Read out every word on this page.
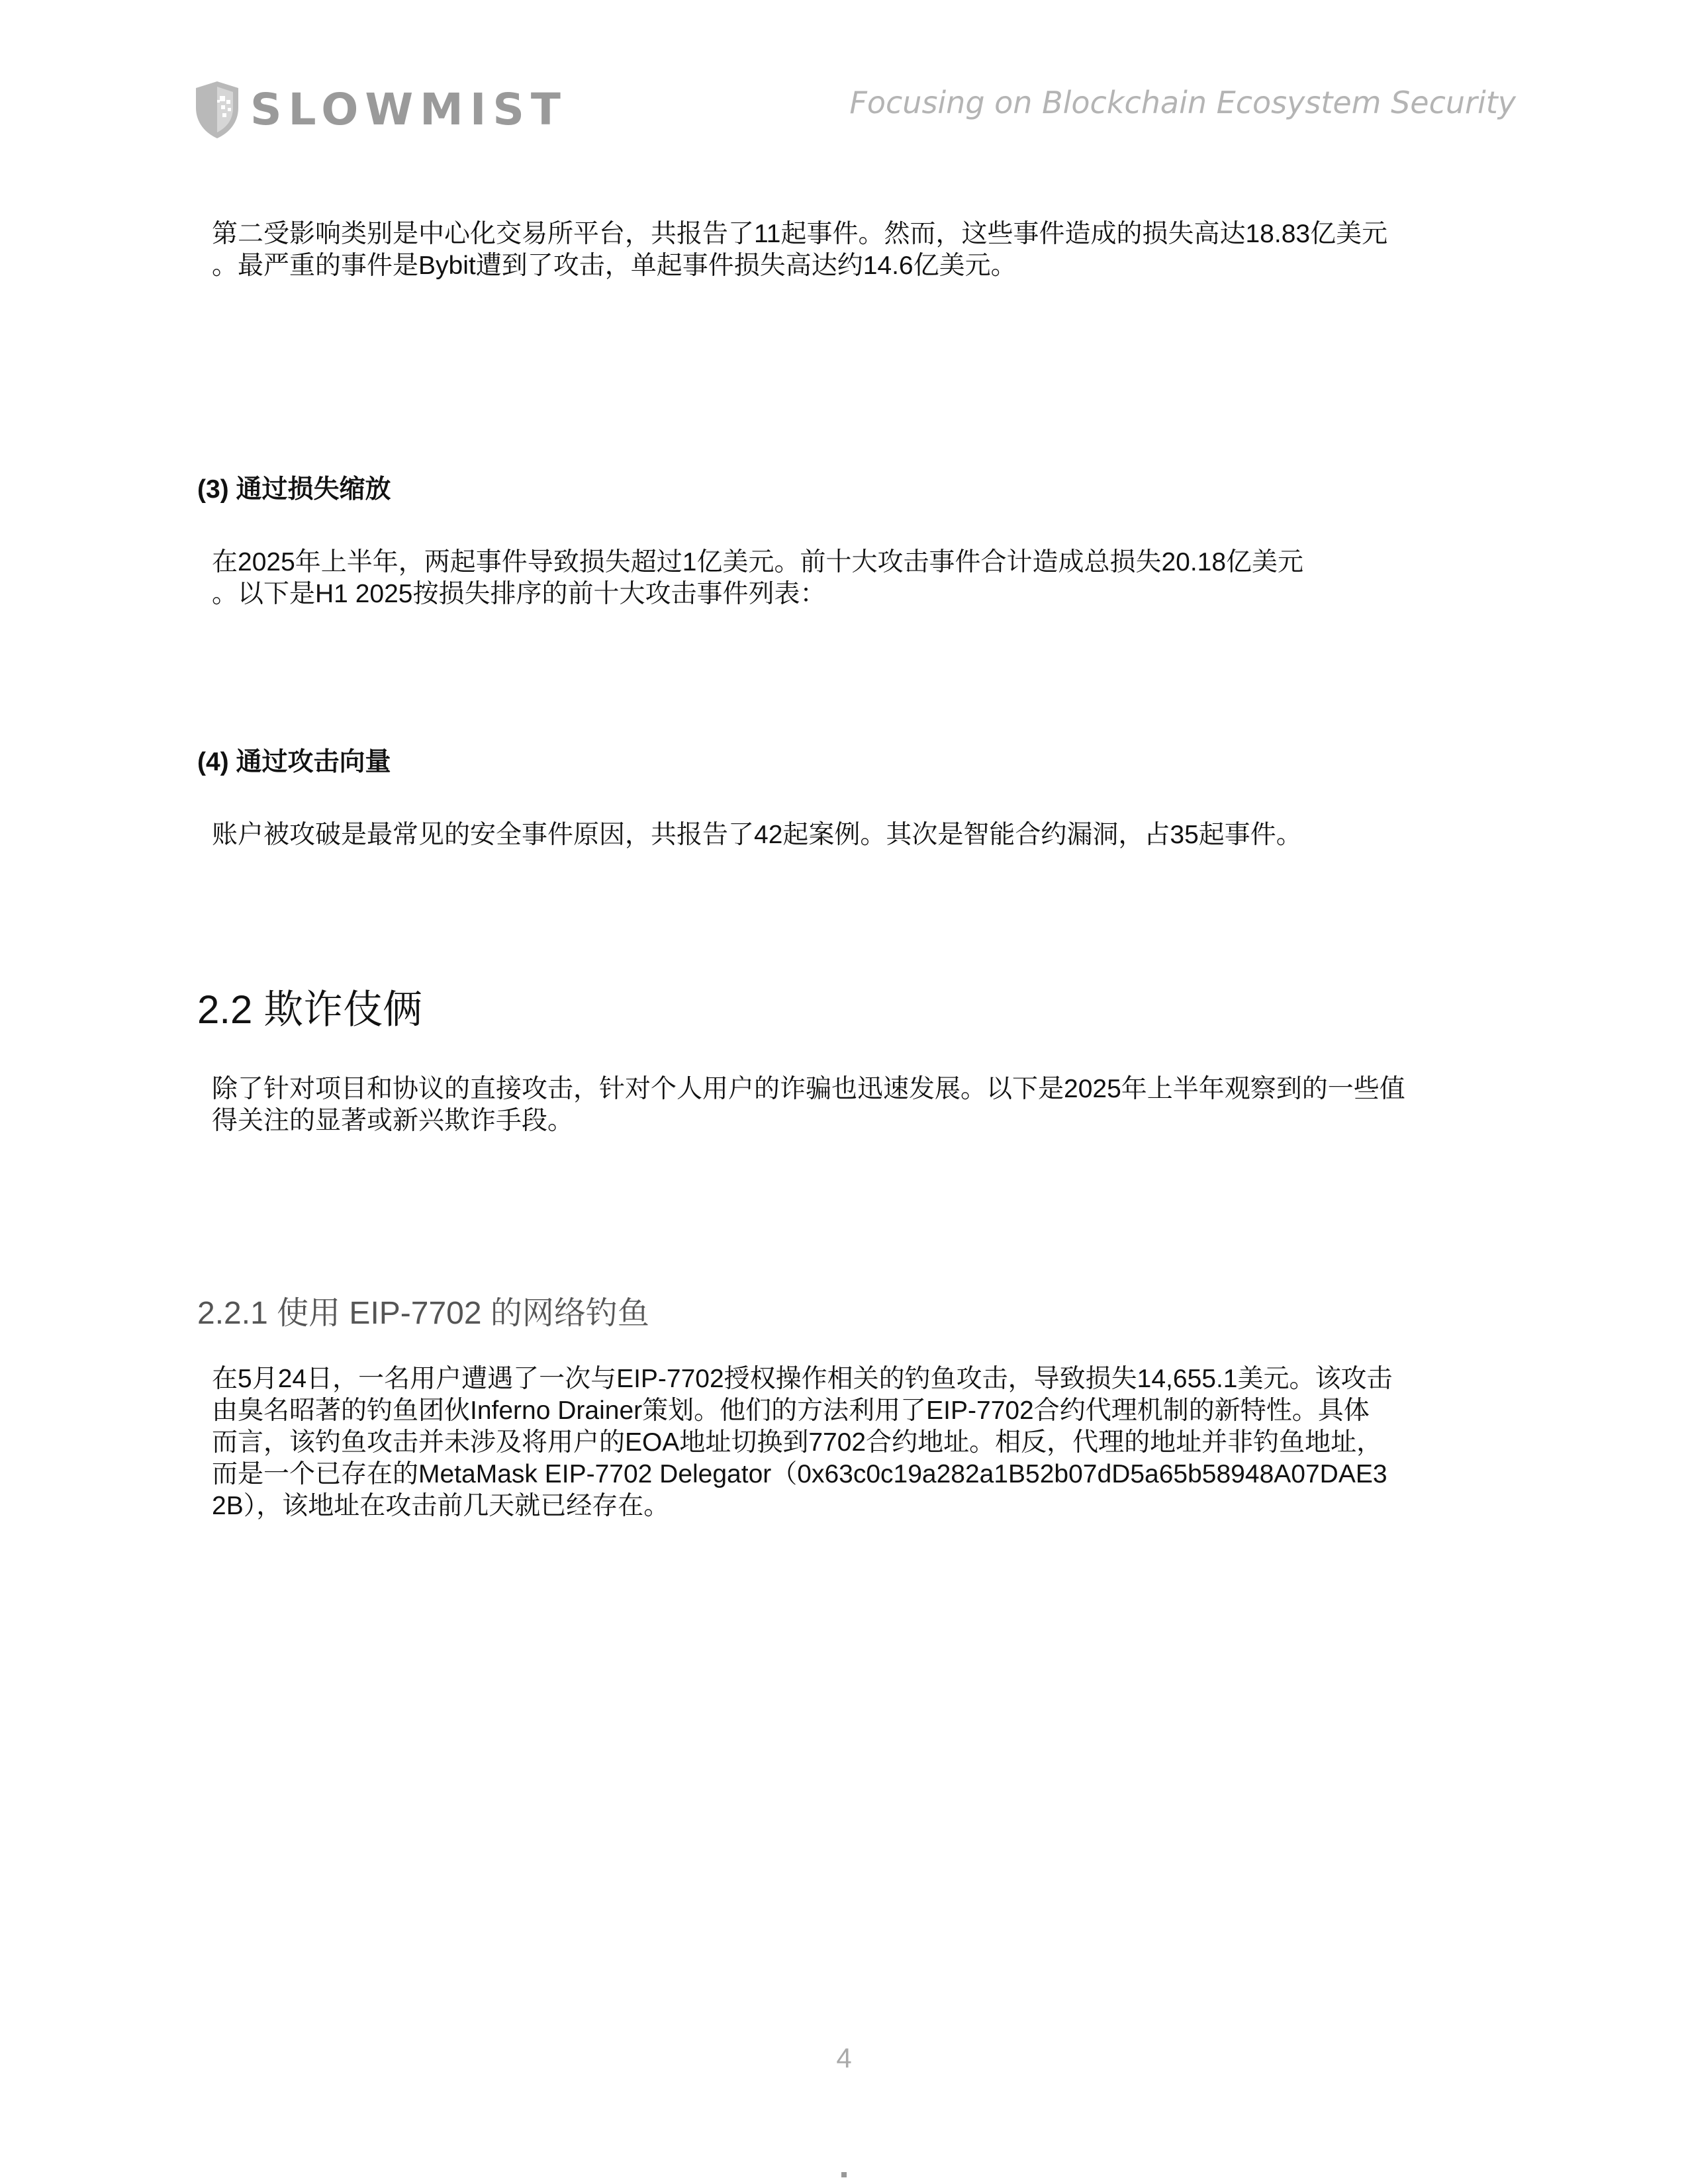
SLOWMIST	Focusing on Blockchain Ecosystem Security

第二受影响类别是中心化交易所平台，共报告了11起事件。然而，这些事件造成的损失高达18.83亿美元

。最严重的事件是Bybit遭到了攻击，单起事件损失高达约14.6亿美元。

(3) 通过损失缩放

在2025年上半年，两起事件导致损失超过1亿美元。前十大攻击事件合计造成总损失20.18亿美元

。以下是H1 2025按损失排序的前十大攻击事件列表：

(4) 通过攻击向量

账户被攻破是最常见的安全事件原因，共报告了42起案例。其次是智能合约漏洞，占35起事件。

2.2 欺诈伎俩

除了针对项目和协议的直接攻击，针对个人用户的诈骗也迅速发展。以下是2025年上半年观察到的一些值

得关注的显著或新兴欺诈手段。

2.2.1 使用 EIP-7702 的网络钓鱼

在5月24日，一名用户遭遇了一次与EIP-7702授权操作相关的钓鱼攻击，导致损失14,655.1美元。该攻击

由臭名昭著的钓鱼团伙Inferno Drainer策划。他们的方法利用了EIP-7702合约代理机制的新特性。具体

而言，该钓鱼攻击并未涉及将用户的EOA地址切换到7702合约地址。相反，代理的地址并非钓鱼地址，

而是一个已存在的MetaMask EIP-7702 Delegator（0x63c0c19a282a1B52b07dD5a65b58948A07DAE3

2B），该地址在攻击前几天就已经存在。

4
